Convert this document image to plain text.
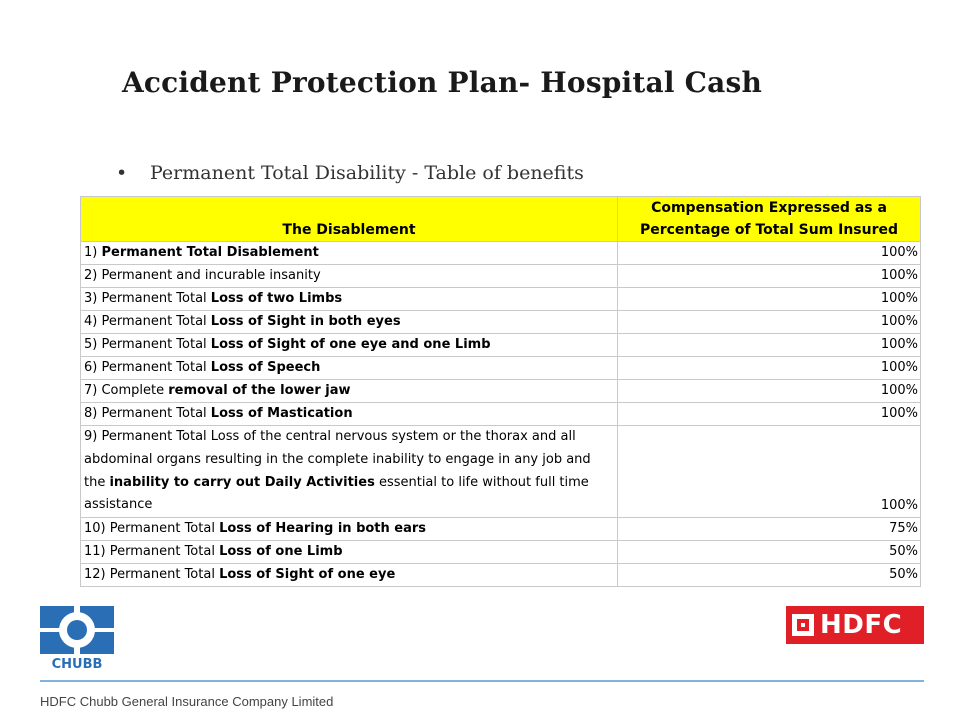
Accident Protection Plan- Hospital Cash
• Permanent Total Disability - Table of benefits
The Disablement	Compensation Expressed as a
Percentage of Total Sum Insured
1) Permanent Total Disablement	100%
2) Permanent and incurable insanity	100%
3) Permanent Total Loss of two Limbs	100%
4) Permanent Total Loss of Sight in both eyes	100%
5) Permanent Total Loss of Sight of one eye and one Limb	100%
6) Permanent Total Loss of Speech	100%
7) Complete removal of the lower jaw	100%
8) Permanent Total Loss of Mastication	100%
9) Permanent Total Loss of the central nervous system or the thorax and all abdominal organs resulting in the complete inability to engage in any job and the inability to carry out Daily Activities essential to life without full time assistance	100%
10) Permanent Total Loss of Hearing in both ears	75%
11) Permanent Total Loss of one Limb	50%
12) Permanent Total Loss of Sight of one eye	50%
CHUBB
HDFC
HDFC Chubb General Insurance Company Limited
